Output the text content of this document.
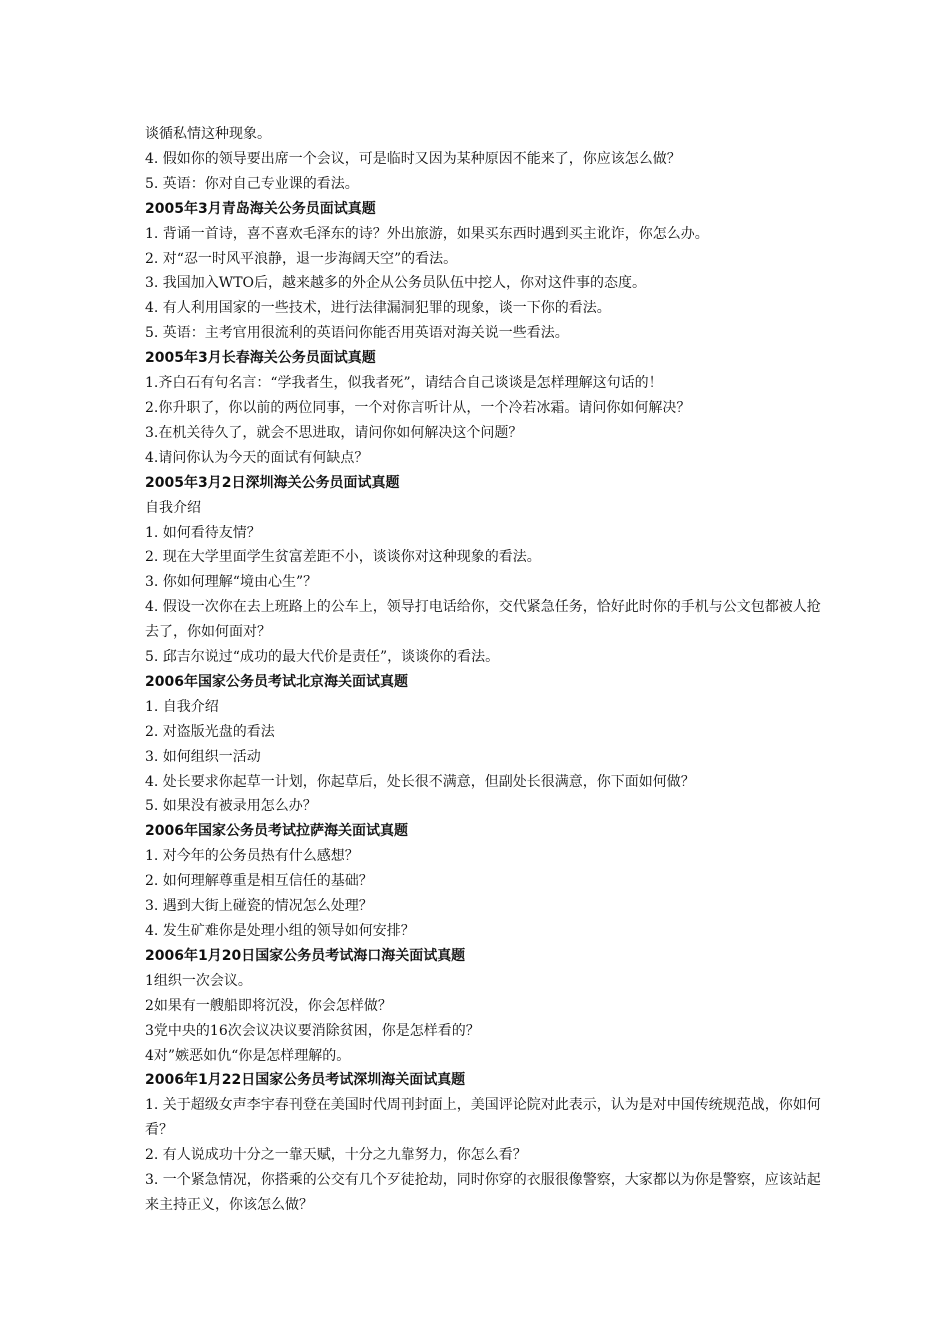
谈循私情这种现象。
4. 假如你的领导要出席一个会议，可是临时又因为某种原因不能来了，你应该怎么做？
5. 英语：你对自己专业课的看法。
2005年3月青岛海关公务员面试真题
1. 背诵一首诗，喜不喜欢毛泽东的诗？外出旅游，如果买东西时遇到买主讹诈，你怎么办。
2. 对“忍一时风平浪静，退一步海阔天空”的看法。
3. 我国加入WTO后，越来越多的外企从公务员队伍中挖人，你对这件事的态度。
4. 有人利用国家的一些技术，进行法律漏洞犯罪的现象，谈一下你的看法。
5. 英语：主考官用很流利的英语问你能否用英语对海关说一些看法。
2005年3月长春海关公务员面试真题
1.齐白石有句名言：“学我者生，似我者死”，请结合自己谈谈是怎样理解这句话的！
2.你升职了，你以前的两位同事，一个对你言听计从，一个冷若冰霜。请问你如何解决？
3.在机关待久了，就会不思进取，请问你如何解决这个问题？
4.请问你认为今天的面试有何缺点？
2005年3月2日深圳海关公务员面试真题
自我介绍
1. 如何看待友情？
2. 现在大学里面学生贫富差距不小，谈谈你对这种现象的看法。
3. 你如何理解“境由心生”？
4. 假设一次你在去上班路上的公车上，领导打电话给你，交代紧急任务，恰好此时你的手机与公文包都被人抢去了，你如何面对？
5. 邱吉尔说过“成功的最大代价是责任”，谈谈你的看法。
2006年国家公务员考试北京海关面试真题
1. 自我介绍
2. 对盗版光盘的看法
3. 如何组织一活动
4. 处长要求你起草一计划，你起草后，处长很不满意，但副处长很满意，你下面如何做？
5. 如果没有被录用怎么办？
2006年国家公务员考试拉萨海关面试真题
1. 对今年的公务员热有什么感想？
2. 如何理解尊重是相互信任的基础？
3. 遇到大街上碰瓷的情况怎么处理？
4. 发生矿难你是处理小组的领导如何安排？
2006年1月20日国家公务员考试海口海关面试真题
1组织一次会议。
2如果有一艘船即将沉没，你会怎样做？
3党中央的16次会议决议要消除贫困，你是怎样看的？
4对”嫉恶如仇“你是怎样理解的。
2006年1月22日国家公务员考试深圳海关面试真题
1. 关于超级女声李宇春刊登在美国时代周刊封面上，美国评论院对此表示，认为是对中国传统规范战，你如何看？
2. 有人说成功十分之一靠天赋，十分之九靠努力，你怎么看？
3. 一个紧急情况，你搭乘的公交有几个歹徒抢劫，同时你穿的衣服很像警察，大家都以为你是警察，应该站起来主持正义，你该怎么做？
